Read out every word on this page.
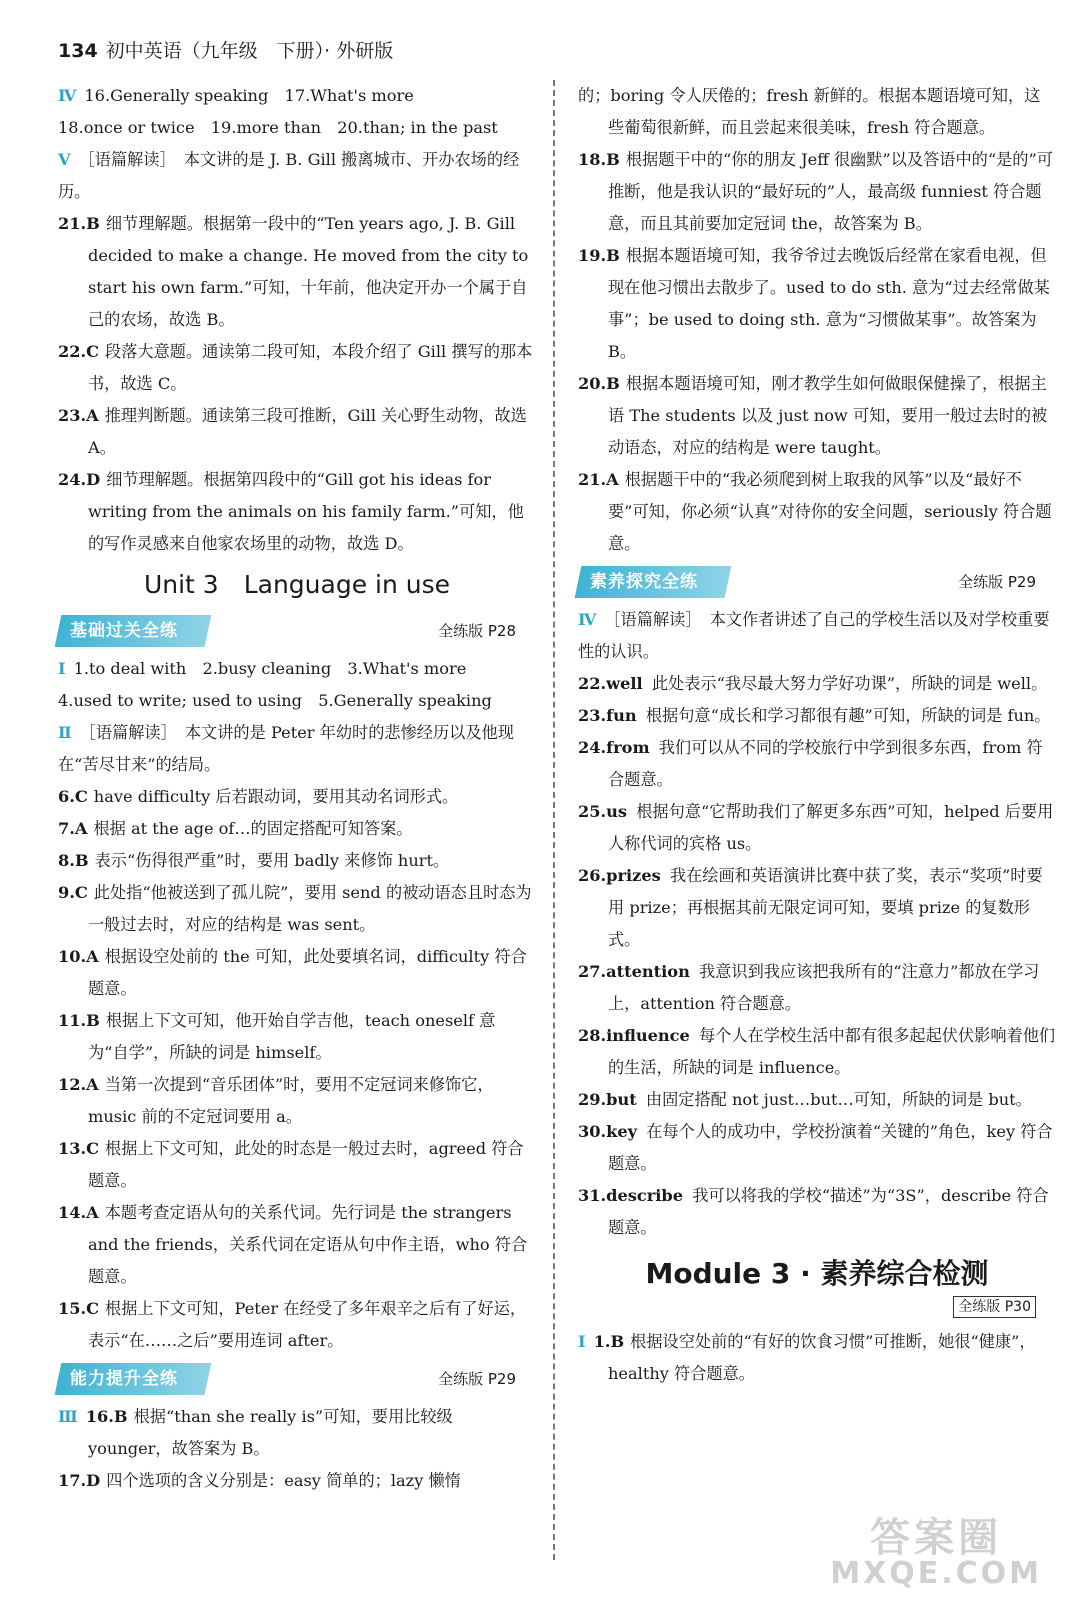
134 初中英语（九年级　下册）· 外研版

Ⅳ 16.Generally speaking　17.What's more

18.once or twice　19.more than　20.than; in the past

Ⅴ ［语篇解读］　本文讲的是 J. B. Gill 搬离城市、开办农场的经历。

21.B 细节理解题。根据第一段中的“Ten years ago, J. B. Gill decided to make a change. He moved from the city to start his own farm.”可知，十年前，他决定开办一个属于自己的农场，故选 B。

22.C 段落大意题。通读第二段可知，本段介绍了 Gill 撰写的那本书，故选 C。

23.A 推理判断题。通读第三段可推断，Gill 关心野生动物，故选 A。

24.D 细节理解题。根据第四段中的“Gill got his ideas for writing from the animals on his family farm.”可知，他的写作灵感来自他家农场里的动物，故选 D。

Unit 3　Language in use
基础过关全练	全练版 P28

Ⅰ 1.to deal with　2.busy cleaning　3.What's more

4.used to write; used to using　5.Generally speaking

Ⅱ ［语篇解读］　本文讲的是 Peter 年幼时的悲惨经历以及他现在“苦尽甘来”的结局。

6.C have difficulty 后若跟动词，要用其动名词形式。

7.A 根据 at the age of…的固定搭配可知答案。

8.B 表示“伤得很严重”时，要用 badly 来修饰 hurt。

9.C 此处指“他被送到了孤儿院”，要用 send 的被动语态且时态为一般过去时，对应的结构是 was sent。

10.A 根据设空处前的 the 可知，此处要填名词，difficulty 符合题意。

11.B 根据上下文可知，他开始自学吉他，teach oneself 意为“自学”，所缺的词是 himself。

12.A 当第一次提到“音乐团体”时，要用不定冠词来修饰它，music 前的不定冠词要用 a。

13.C 根据上下文可知，此处的时态是一般过去时，agreed 符合题意。

14.A 本题考查定语从句的关系代词。先行词是 the strangers and the friends，关系代词在定语从句中作主语，who 符合题意。

15.C 根据上下文可知，Peter 在经受了多年艰辛之后有了好运，表示“在……之后”要用连词 after。

能力提升全练	全练版 P29

Ⅲ 16.B 根据“than she really is”可知，要用比较级 younger，故答案为 B。

17.D 四个选项的含义分别是：easy 简单的；lazy 懒惰

的；boring 令人厌倦的；fresh 新鲜的。根据本题语境可知，这些葡萄很新鲜，而且尝起来很美味，fresh 符合题意。

18.B 根据题干中的“你的朋友 Jeff 很幽默”以及答语中的“是的”可推断，他是我认识的“最好玩的”人，最高级 funniest 符合题意，而且其前要加定冠词 the，故答案为 B。

19.B 根据本题语境可知，我爷爷过去晚饭后经常在家看电视，但现在他习惯出去散步了。used to do sth. 意为“过去经常做某事”；be used to doing sth. 意为“习惯做某事”。故答案为 B。

20.B 根据本题语境可知，刚才教学生如何做眼保健操了，根据主语 The students 以及 just now 可知，要用一般过去时的被动语态，对应的结构是 were taught。

21.A 根据题干中的“我必须爬到树上取我的风筝”以及“最好不要”可知，你必须“认真”对待你的安全问题，seriously 符合题意。

素养探究全练	全练版 P29

Ⅳ ［语篇解读］　本文作者讲述了自己的学校生活以及对学校重要性的认识。

22.well 此处表示“我尽最大努力学好功课”，所缺的词是 well。

23.fun 根据句意“成长和学习都很有趣”可知，所缺的词是 fun。

24.from 我们可以从不同的学校旅行中学到很多东西，from 符合题意。

25.us 根据句意“它帮助我们了解更多东西”可知，helped 后要用人称代词的宾格 us。

26.prizes 我在绘画和英语演讲比赛中获了奖，表示“奖项”时要用 prize；再根据其前无限定词可知，要填 prize 的复数形式。

27.attention 我意识到我应该把我所有的“注意力”都放在学习上，attention 符合题意。

28.influence 每个人在学校生活中都有很多起起伏伏影响着他们的生活，所缺的词是 influence。

29.but 由固定搭配 not just…but…可知，所缺的词是 but。

30.key 在每个人的成功中，学校扮演着“关键的”角色，key 符合题意。

31.describe 我可以将我的学校“描述”为“3S”，describe 符合题意。

Module 3 · 素养综合检测
全练版 P30

Ⅰ 1.B 根据设空处前的“有好的饮食习惯”可推断，她很“健康”，healthy 符合题意。

答案圈
MXQE.COM
